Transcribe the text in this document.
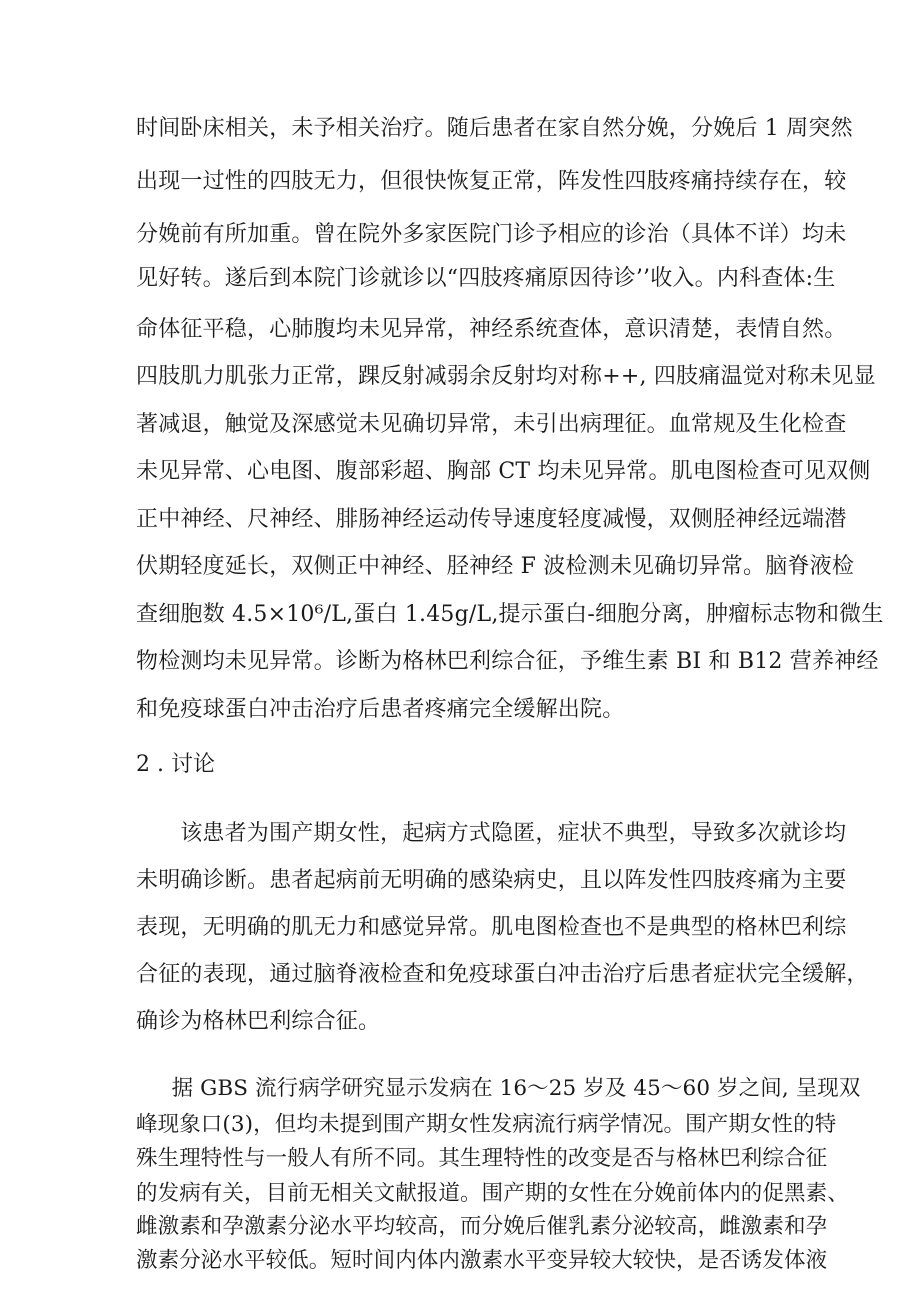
时间卧床相关，未予相关治疗。随后患者在家自然分娩，分娩后 1 周突然
出现一过性的四肢无力，但很快恢复正常，阵发性四肢疼痛持续存在，较
分娩前有所加重。曾在院外多家医院门诊予相应的诊治（具体不详）均未
见好转。遂后到本院门诊就诊以“四肢疼痛原因待诊’’收入。内科查体:生
命体征平稳，心肺腹均未见异常，神经系统查体，意识清楚，表情自然。
四肢肌力肌张力正常，踝反射减弱余反射均对称++, 四肢痛温觉对称未见显
著减退，触觉及深感觉未见确切异常，未引出病理征。血常规及生化检查
未见异常、心电图、腹部彩超、胸部 CT 均未见异常。肌电图检查可见双侧
正中神经、尺神经、腓肠神经运动传导速度轻度减慢，双侧胫神经远端潜
伏期轻度延长，双侧正中神经、胫神经 F 波检测未见确切异常。脑脊液检
查细胞数 4.5×10⁶/L,蛋白 1.45g/L,提示蛋白-细胞分离，肿瘤标志物和微生
物检测均未见异常。诊断为格林巴利综合征，予维生素 BI 和 B12 营养神经
和免疫球蛋白冲击治疗后患者疼痛完全缓解出院。
2 . 讨论
　该患者为围产期女性，起病方式隐匿，症状不典型，导致多次就诊均
未明确诊断。患者起病前无明确的感染病史，且以阵发性四肢疼痛为主要
表现，无明确的肌无力和感觉异常。肌电图检查也不是典型的格林巴利综
合征的表现，通过脑脊液检查和免疫球蛋白冲击治疗后患者症状完全缓解，
确诊为格林巴利综合征。
　据 GBS 流行病学研究显示发病在 16～25 岁及 45～60 岁之间, 呈现双
峰现象口(3)，但均未提到围产期女性发病流行病学情况。围产期女性的特
殊生理特性与一般人有所不同。其生理特性的改变是否与格林巴利综合征
的发病有关，目前无相关文献报道。围产期的女性在分娩前体内的促黑素、
雌激素和孕激素分泌水平均较高，而分娩后催乳素分泌较高，雌激素和孕
激素分泌水平较低。短时间内体内激素水平变异较大较快，是否诱发体液
